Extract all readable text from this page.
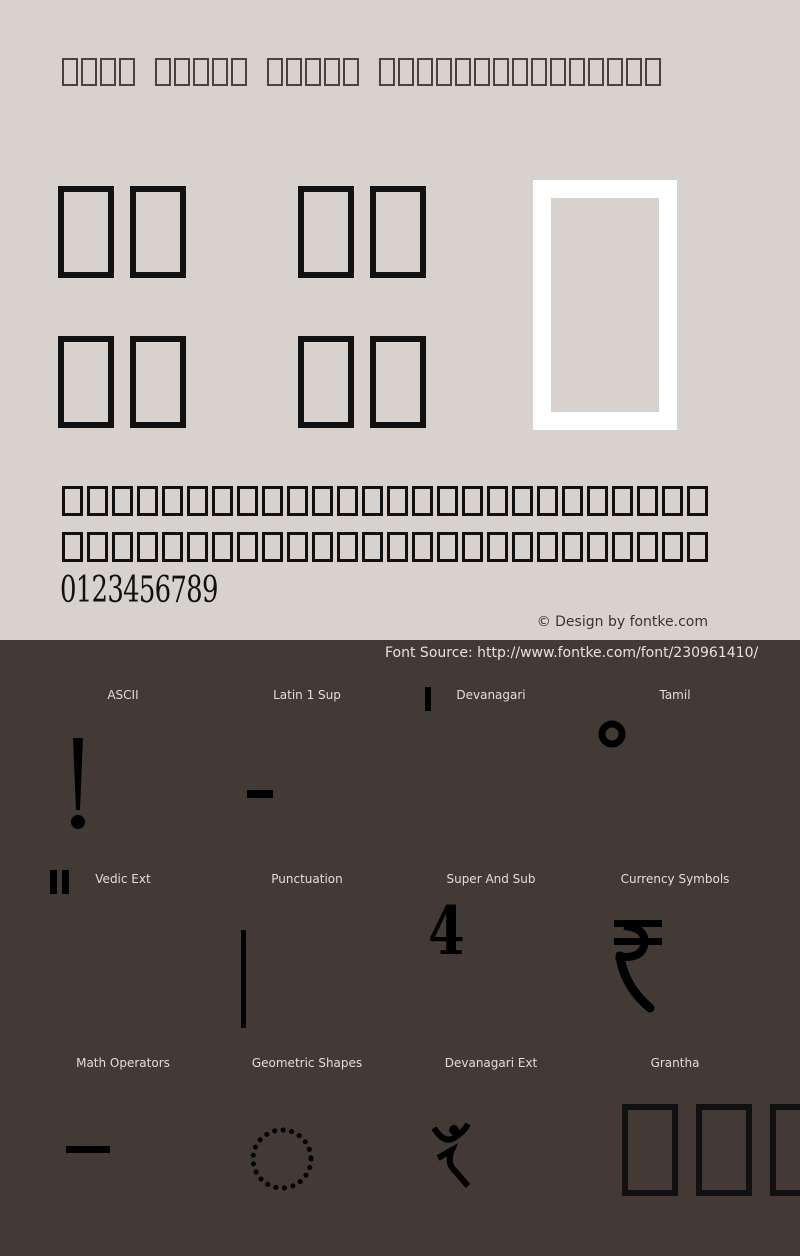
0123456789
© Design by fontke.com
Font Source: http://www.fontke.com/font/230961410/
ASCII	Latin 1 Sup	Devanagari	Tamil
Vedic Ext	Punctuation	Super And Sub	Currency Symbols
Math Operators	Geometric Shapes	Devanagari Ext	Grantha
4
